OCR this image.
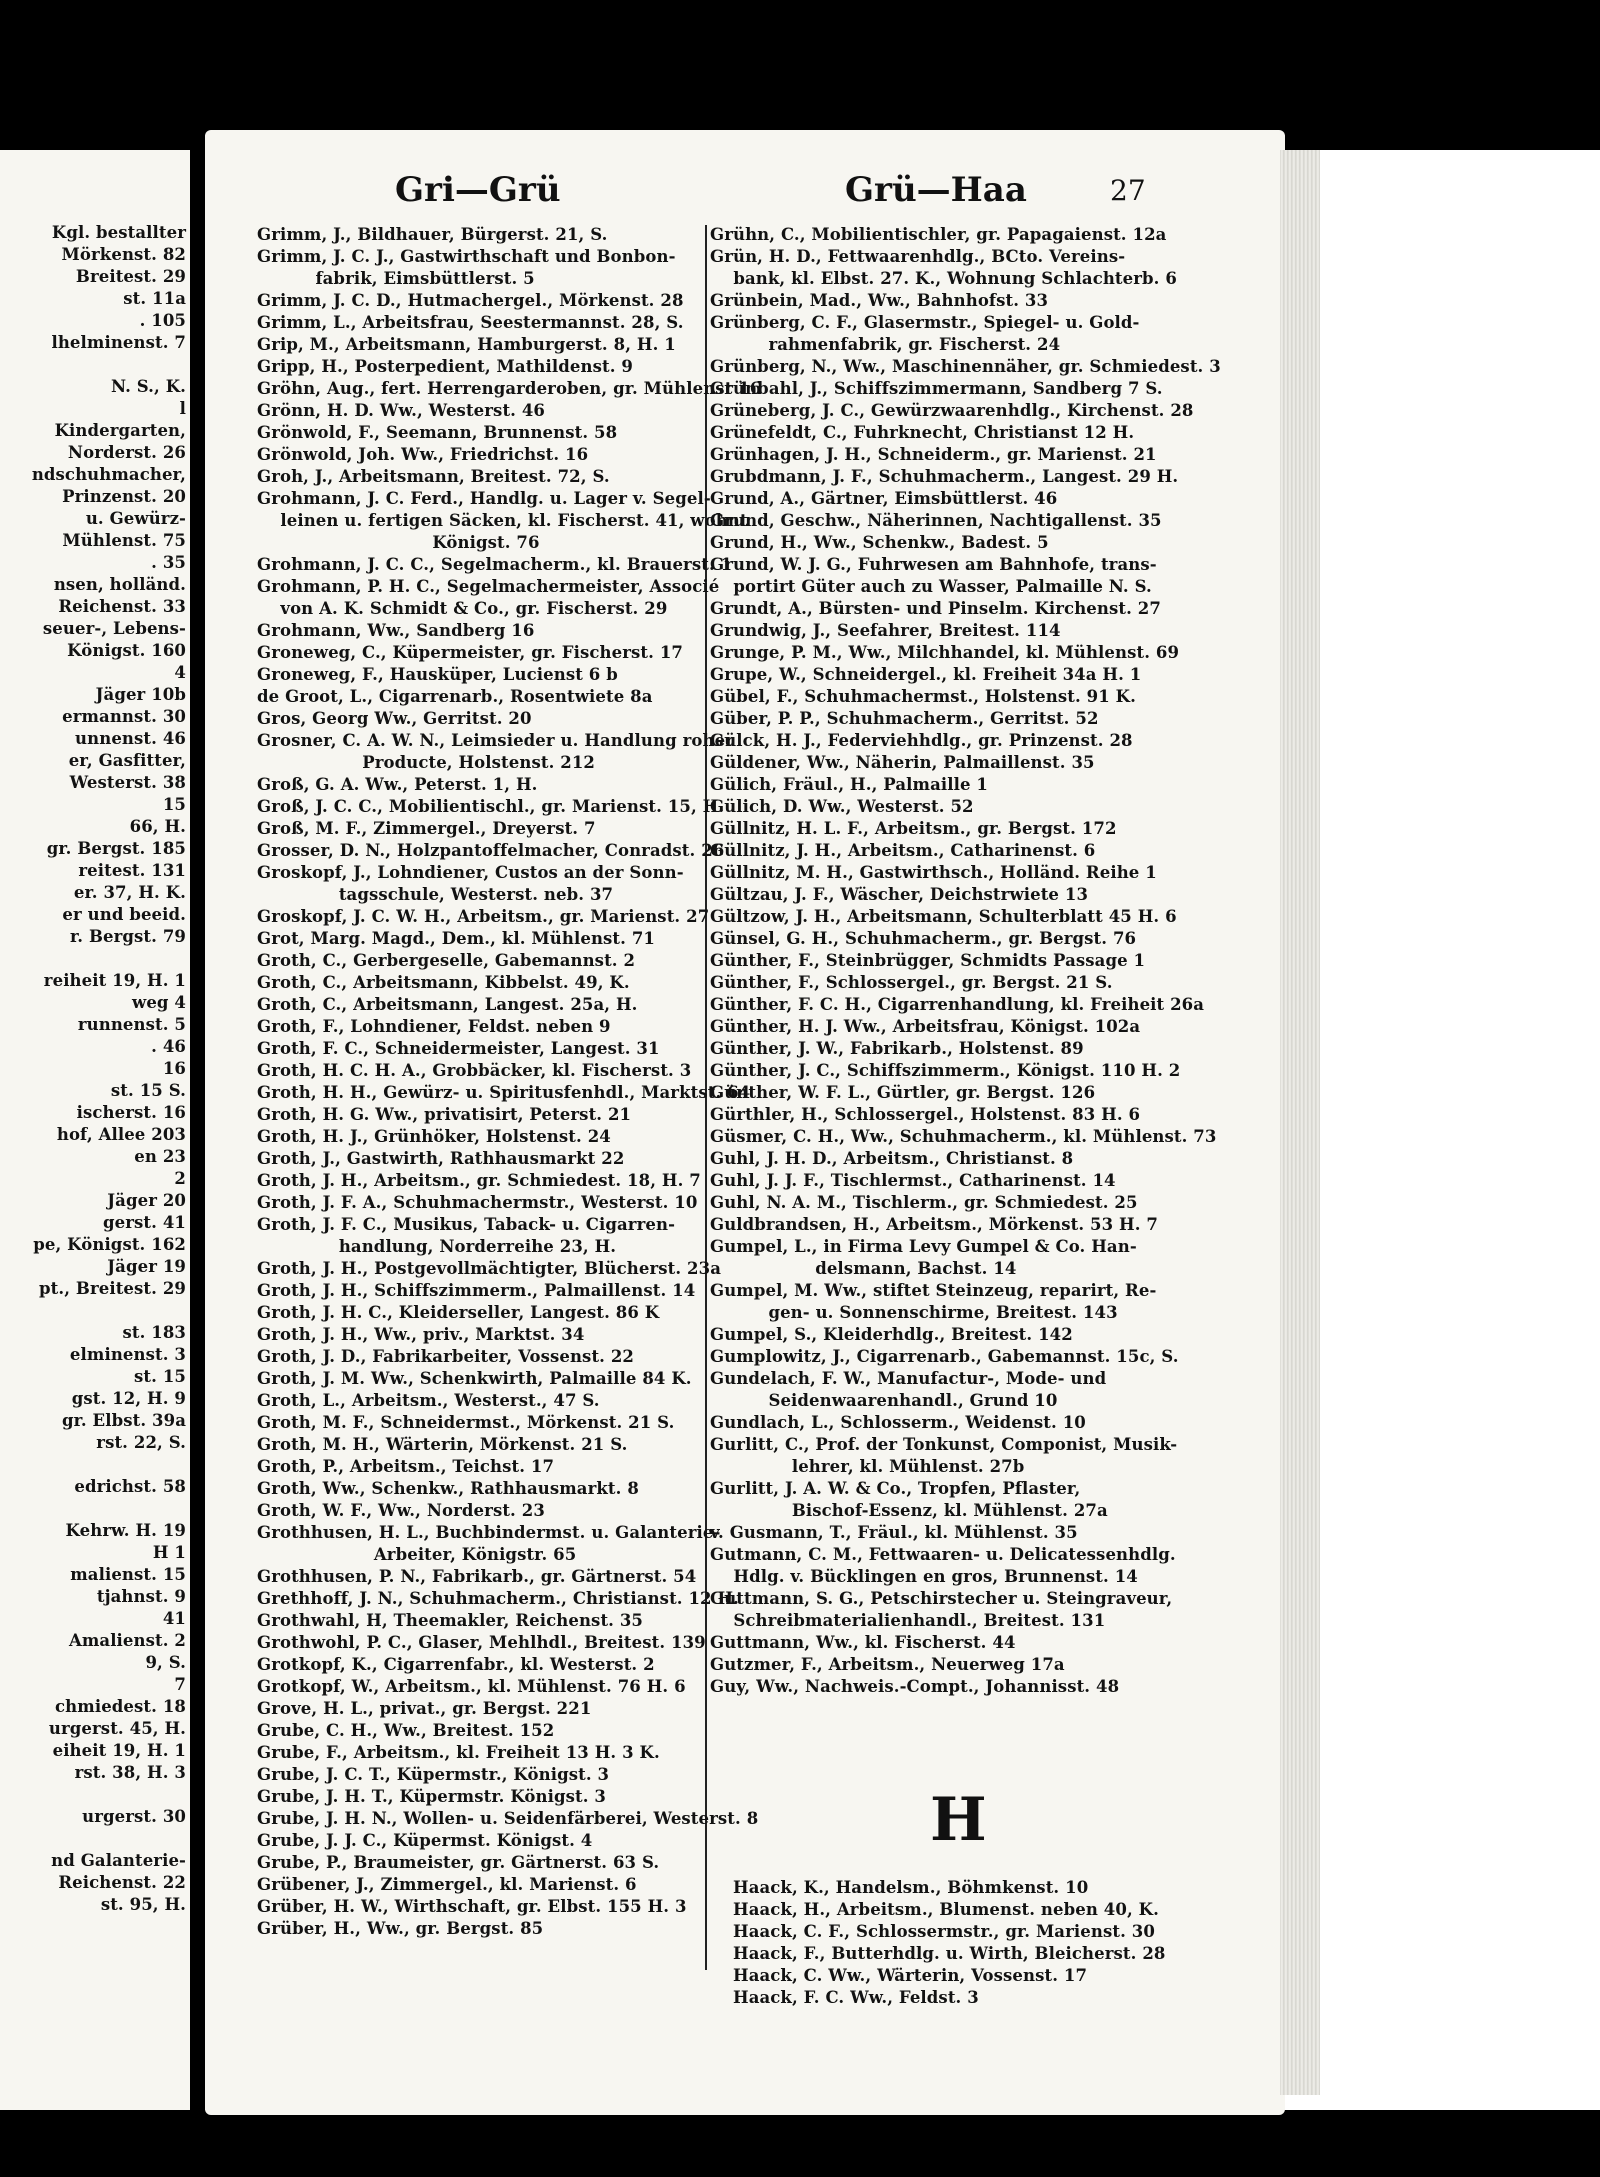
Kgl. bestallter
Mörkenst. 82
Breitest. 29
st. 11a
. 105
lhelminenst. 7
N. S., K.
l
Kindergarten,
Norderst. 26
ndschuhmacher,
Prinzenst. 20
u. Gewürz-
Mühlenst. 75
. 35
nsen, holländ.
Reichenst. 33
seuer-, Lebens-
Königst. 160
4
Jäger 10b
ermannst. 30
unnenst. 46
er, Gasfitter,
Westerst. 38
15
66, H.
gr. Bergst. 185
reitest. 131
er. 37, H. K.
er und beeid.
r. Bergst. 79
reiheit 19, H. 1
weg 4
runnenst. 5
. 46
16
st. 15 S.
ischerst. 16
hof, Allee 203
en 23
2
Jäger 20
gerst. 41
pe, Königst. 162
Jäger 19
pt., Breitest. 29
st. 183
elminenst. 3
st. 15
gst. 12, H. 9
gr. Elbst. 39a
rst. 22, S.
edrichst. 58
Kehrw. H. 19
H 1
malienst. 15
tjahnst. 9
41
Amalienst. 2
9, S.
7
chmiedest. 18
urgerst. 45, H.
eiheit 19, H. 1
rst. 38, H. 3
urgerst. 30
nd Galanterie-
Reichenst. 22
st. 95, H.
Gri—Grü	Grü—Haa	27
Grimm, J., Bildhauer, Bürgerst. 21, S.
Grimm, J. C. J., Gastwirthschaft und Bonbon-
fabrik, Eimsbüttlerst. 5
Grimm, J. C. D., Hutmachergel., Mörkenst. 28
Grimm, L., Arbeitsfrau, Seestermannst. 28, S.
Grip, M., Arbeitsmann, Hamburgerst. 8, H. 1
Gripp, H., Posterpedient, Mathildenst. 9
Gröhn, Aug., fert. Herrengarderoben, gr. Mühlenst 16
Grönn, H. D. Ww., Westerst. 46
Grönwold, F., Seemann, Brunnenst. 58
Grönwold, Joh. Ww., Friedrichst. 16
Groh, J., Arbeitsmann, Breitest. 72, S.
Grohmann, J. C. Ferd., Handlg. u. Lager v. Segel-
leinen u. fertigen Säcken, kl. Fischerst. 41, wohnt
Königst. 76
Grohmann, J. C. C., Segelmacherm., kl. Brauerst. 1
Grohmann, P. H. C., Segelmachermeister, Associé
von A. K. Schmidt & Co., gr. Fischerst. 29
Grohmann, Ww., Sandberg 16
Groneweg, C., Küpermeister, gr. Fischerst. 17
Groneweg, F., Hausküper, Lucienst 6 b
de Groot, L., Cigarrenarb., Rosentwiete 8a
Gros, Georg Ww., Gerritst. 20
Grosner, C. A. W. N., Leimsieder u. Handlung roher
Producte, Holstenst. 212
Groß, G. A. Ww., Peterst. 1, H.
Groß, J. C. C., Mobilientischl., gr. Marienst. 15, H.
Groß, M. F., Zimmergel., Dreyerst. 7
Grosser, D. N., Holzpantoffelmacher, Conradst. 26
Groskopf, J., Lohndiener, Custos an der Sonn-
tagsschule, Westerst. neb. 37
Groskopf, J. C. W. H., Arbeitsm., gr. Marienst. 27
Grot, Marg. Magd., Dem., kl. Mühlenst. 71
Groth, C., Gerbergeselle, Gabemannst. 2
Groth, C., Arbeitsmann, Kibbelst. 49, K.
Groth, C., Arbeitsmann, Langest. 25a, H.
Groth, F., Lohndiener, Feldst. neben 9
Groth, F. C., Schneidermeister, Langest. 31
Groth, H. C. H. A., Grobbäcker, kl. Fischerst. 3
Groth, H. H., Gewürz- u. Spiritusfenhdl., Marktst. 64
Groth, H. G. Ww., privatisirt, Peterst. 21
Groth, H. J., Grünhöker, Holstenst. 24
Groth, J., Gastwirth, Rathhausmarkt 22
Groth, J. H., Arbeitsm., gr. Schmiedest. 18, H. 7
Groth, J. F. A., Schuhmachermstr., Westerst. 10
Groth, J. F. C., Musikus, Taback- u. Cigarren-
handlung, Norderreihe 23, H.
Groth, J. H., Postgevollmächtigter, Blücherst. 23a
Groth, J. H., Schiffszimmerm., Palmaillenst. 14
Groth, J. H. C., Kleiderseller, Langest. 86 K
Groth, J. H., Ww., priv., Marktst. 34
Groth, J. D., Fabrikarbeiter, Vossenst. 22
Groth, J. M. Ww., Schenkwirth, Palmaille 84 K.
Groth, L., Arbeitsm., Westerst., 47 S.
Groth, M. F., Schneidermst., Mörkenst. 21 S.
Groth, M. H., Wärterin, Mörkenst. 21 S.
Groth, P., Arbeitsm., Teichst. 17
Groth, Ww., Schenkw., Rathhausmarkt. 8
Groth, W. F., Ww., Norderst. 23
Grothhusen, H. L., Buchbindermst. u. Galanterie-
Arbeiter, Königstr. 65
Grothhusen, P. N., Fabrikarb., gr. Gärtnerst. 54
Grethhoff, J. N., Schuhmacherm., Christianst. 12 H.
Grothwahl, H, Theemakler, Reichenst. 35
Grothwohl, P. C., Glaser, Mehlhdl., Breitest. 139
Grotkopf, K., Cigarrenfabr., kl. Westerst. 2
Grotkopf, W., Arbeitsm., kl. Mühlenst. 76 H. 6
Grove, H. L., privat., gr. Bergst. 221
Grube, C. H., Ww., Breitest. 152
Grube, F., Arbeitsm., kl. Freiheit 13 H. 3 K.
Grube, J. C. T., Küpermstr., Königst. 3
Grube, J. H. T., Küpermstr. Königst. 3
Grube, J. H. N., Wollen- u. Seidenfärberei, Westerst. 8
Grube, J. J. C., Küpermst. Königst. 4
Grube, P., Braumeister, gr. Gärtnerst. 63 S.
Grübener, J., Zimmergel., kl. Marienst. 6
Grüber, H. W., Wirthschaft, gr. Elbst. 155 H. 3
Grüber, H., Ww., gr. Bergst. 85
Grühn, C., Mobilientischler, gr. Papagaienst. 12a
Grün, H. D., Fettwaarenhdlg., BCto. Vereins-
bank, kl. Elbst. 27. K., Wohnung Schlachterb. 6
Grünbein, Mad., Ww., Bahnhofst. 33
Grünberg, C. F., Glasermstr., Spiegel- u. Gold-
rahmenfabrik, gr. Fischerst. 24
Grünberg, N., Ww., Maschinennäher, gr. Schmiedest. 3
Grünbahl, J., Schiffszimmermann, Sandberg 7 S.
Grüneberg, J. C., Gewürzwaarenhdlg., Kirchenst. 28
Grünefeldt, C., Fuhrknecht, Christianst 12 H.
Grünhagen, J. H., Schneiderm., gr. Marienst. 21
Grubdmann, J. F., Schuhmacherm., Langest. 29 H.
Grund, A., Gärtner, Eimsbüttlerst. 46
Grund, Geschw., Näherinnen, Nachtigallenst. 35
Grund, H., Ww., Schenkw., Badest. 5
Grund, W. J. G., Fuhrwesen am Bahnhofe, trans-
portirt Güter auch zu Wasser, Palmaille N. S.
Grundt, A., Bürsten- und Pinselm. Kirchenst. 27
Grundwig, J., Seefahrer, Breitest. 114
Grunge, P. M., Ww., Milchhandel, kl. Mühlenst. 69
Grupe, W., Schneidergel., kl. Freiheit 34a H. 1
Gübel, F., Schuhmachermst., Holstenst. 91 K.
Güber, P. P., Schuhmacherm., Gerritst. 52
Gülck, H. J., Federviehhdlg., gr. Prinzenst. 28
Güldener, Ww., Näherin, Palmaillenst. 35
Gülich, Fräul., H., Palmaille 1
Gülich, D. Ww., Westerst. 52
Güllnitz, H. L. F., Arbeitsm., gr. Bergst. 172
Güllnitz, J. H., Arbeitsm., Catharinenst. 6
Güllnitz, M. H., Gastwirthsch., Holländ. Reihe 1
Gültzau, J. F., Wäscher, Deichstrwiete 13
Gültzow, J. H., Arbeitsmann, Schulterblatt 45 H. 6
Günsel, G. H., Schuhmacherm., gr. Bergst. 76
Günther, F., Steinbrügger, Schmidts Passage 1
Günther, F., Schlossergel., gr. Bergst. 21 S.
Günther, F. C. H., Cigarrenhandlung, kl. Freiheit 26a
Günther, H. J. Ww., Arbeitsfrau, Königst. 102a
Günther, J. W., Fabrikarb., Holstenst. 89
Günther, J. C., Schiffszimmerm., Königst. 110 H. 2
Günther, W. F. L., Gürtler, gr. Bergst. 126
Gürthler, H., Schlossergel., Holstenst. 83 H. 6
Güsmer, C. H., Ww., Schuhmacherm., kl. Mühlenst. 73
Guhl, J. H. D., Arbeitsm., Christianst. 8
Guhl, J. J. F., Tischlermst., Catharinenst. 14
Guhl, N. A. M., Tischlerm., gr. Schmiedest. 25
Guldbrandsen, H., Arbeitsm., Mörkenst. 53 H. 7
Gumpel, L., in Firma Levy Gumpel & Co. Han-
delsmann, Bachst. 14
Gumpel, M. Ww., stiftet Steinzeug, reparirt, Re-
gen- u. Sonnenschirme, Breitest. 143
Gumpel, S., Kleiderhdlg., Breitest. 142
Gumplowitz, J., Cigarrenarb., Gabemannst. 15c, S.
Gundelach, F. W., Manufactur-, Mode- und
Seidenwaarenhandl., Grund 10
Gundlach, L., Schlosserm., Weidenst. 10
Gurlitt, C., Prof. der Tonkunst, Componist, Musik-
lehrer, kl. Mühlenst. 27b
Gurlitt, J. A. W. & Co., Tropfen, Pflaster,
Bischof-Essenz, kl. Mühlenst. 27a
v. Gusmann, T., Fräul., kl. Mühlenst. 35
Gutmann, C. M., Fettwaaren- u. Delicatessenhdlg.
Hdlg. v. Bücklingen en gros, Brunnenst. 14
Guttmann, S. G., Petschirstecher u. Steingraveur,
Schreibmaterialienhandl., Breitest. 131
Guttmann, Ww., kl. Fischerst. 44
Gutzmer, F., Arbeitsm., Neuerweg 17a
Guy, Ww., Nachweis.-Compt., Johannisst. 48
H
Haack, K., Handelsm., Böhmkenst. 10
Haack, H., Arbeitsm., Blumenst. neben 40, K.
Haack, C. F., Schlossermstr., gr. Marienst. 30
Haack, F., Butterhdlg. u. Wirth, Bleicherst. 28
Haack, C. Ww., Wärterin, Vossenst. 17
Haack, F. C. Ww., Feldst. 3
